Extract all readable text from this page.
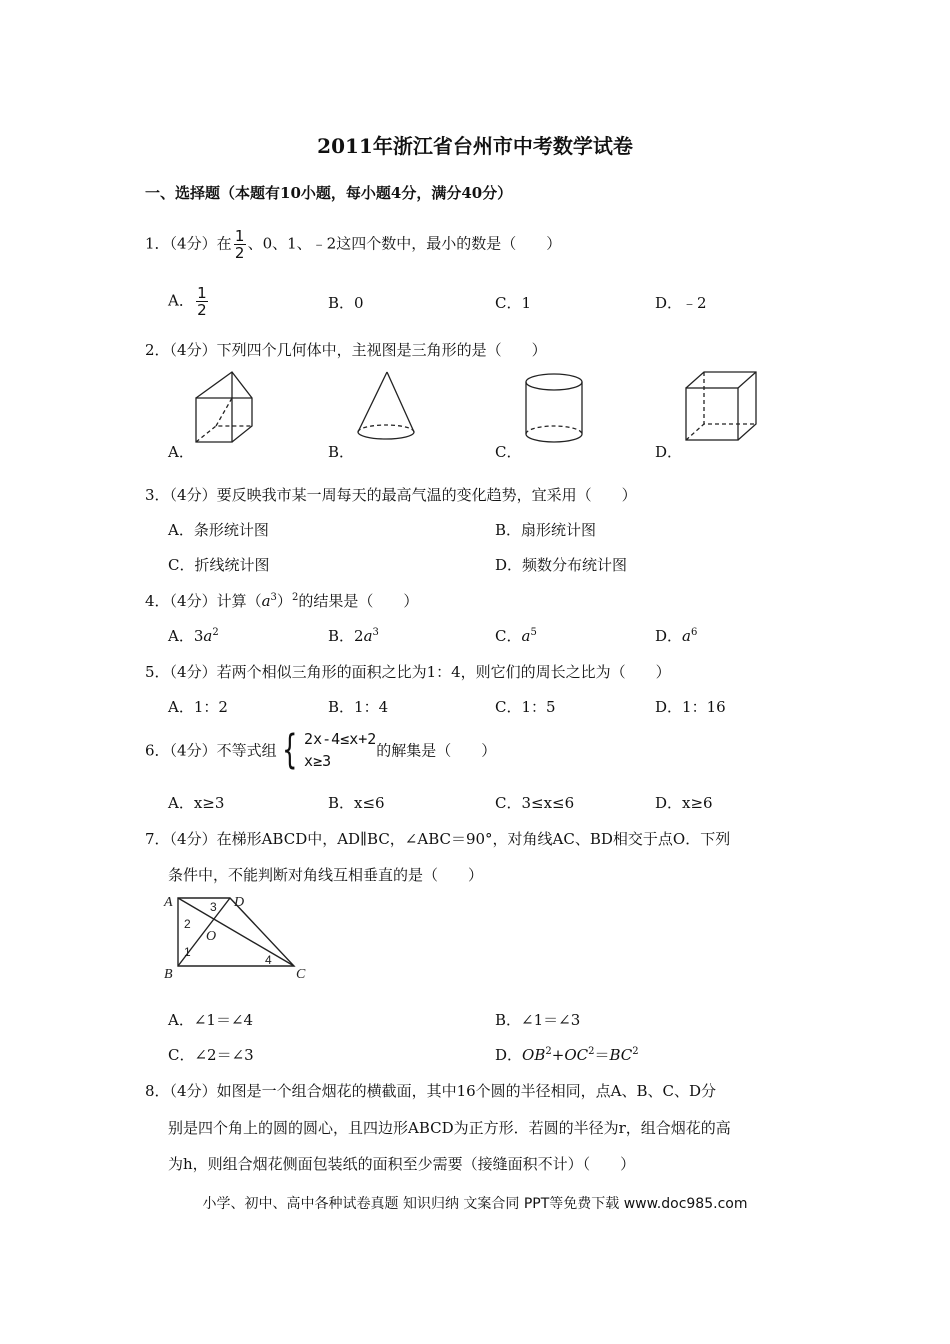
2011年浙江省台州市中考数学试卷
一、选择题（本题有10小题，每小题4分，满分40分）
1．（4分）在 $\frac{1}{2}$ 、0、1、﹣2这四个数中，最小的数是（　　）
A． $\frac{1}{2}$	B．0	C．1	D．﹣2
2．（4分）下列四个几何体中，主视图是三角形的是（　　）
A．	B．	C．	D．
3．（4分）要反映我市某一周每天的最高气温的变化趋势，宜采用（　　）
A．条形统计图	B．扇形统计图
C．折线统计图	D．频数分布统计图
4．（4分）计算$(a^3)^2$的结果是（　　）
A．$3a^2$	B．$2a^3$	C．$a^5$	D．$a^6$
5．（4分）若两个相似三角形的面积之比为1：4，则它们的周长之比为（　　）
A．1：2	B．1：4	C．1：5	D．1：16
6．（4分）不等式组 { 2x-4≤x+2
x≥3
的解集是（　　）
A．x≥3	B．x≤6	C．3≤x≤6	D．x≥6
7．（4分）在梯形ABCD中，AD∥BC，∠ABC＝90°，对角线AC、BD相交于点O．下列
条件中，不能判断对角线互相垂直的是（　　）
A	D
B	C
O
2
1
3
4
A．∠1＝∠4	B．∠1＝∠3
C．∠2＝∠3	D．$OB^2+OC^2=BC^2$
8．（4分）如图是一个组合烟花的横截面，其中16个圆的半径相同，点A、B、C、D分
别是四个角上的圆的圆心，且四边形ABCD为正方形．若圆的半径为r，组合烟花的高
为h，则组合烟花侧面包装纸的面积至少需要（接缝面积不计）（　　）
小学、初中、高中各种试卷真题 知识归纳 文案合同 PPT等免费下载 www.doc985.com
